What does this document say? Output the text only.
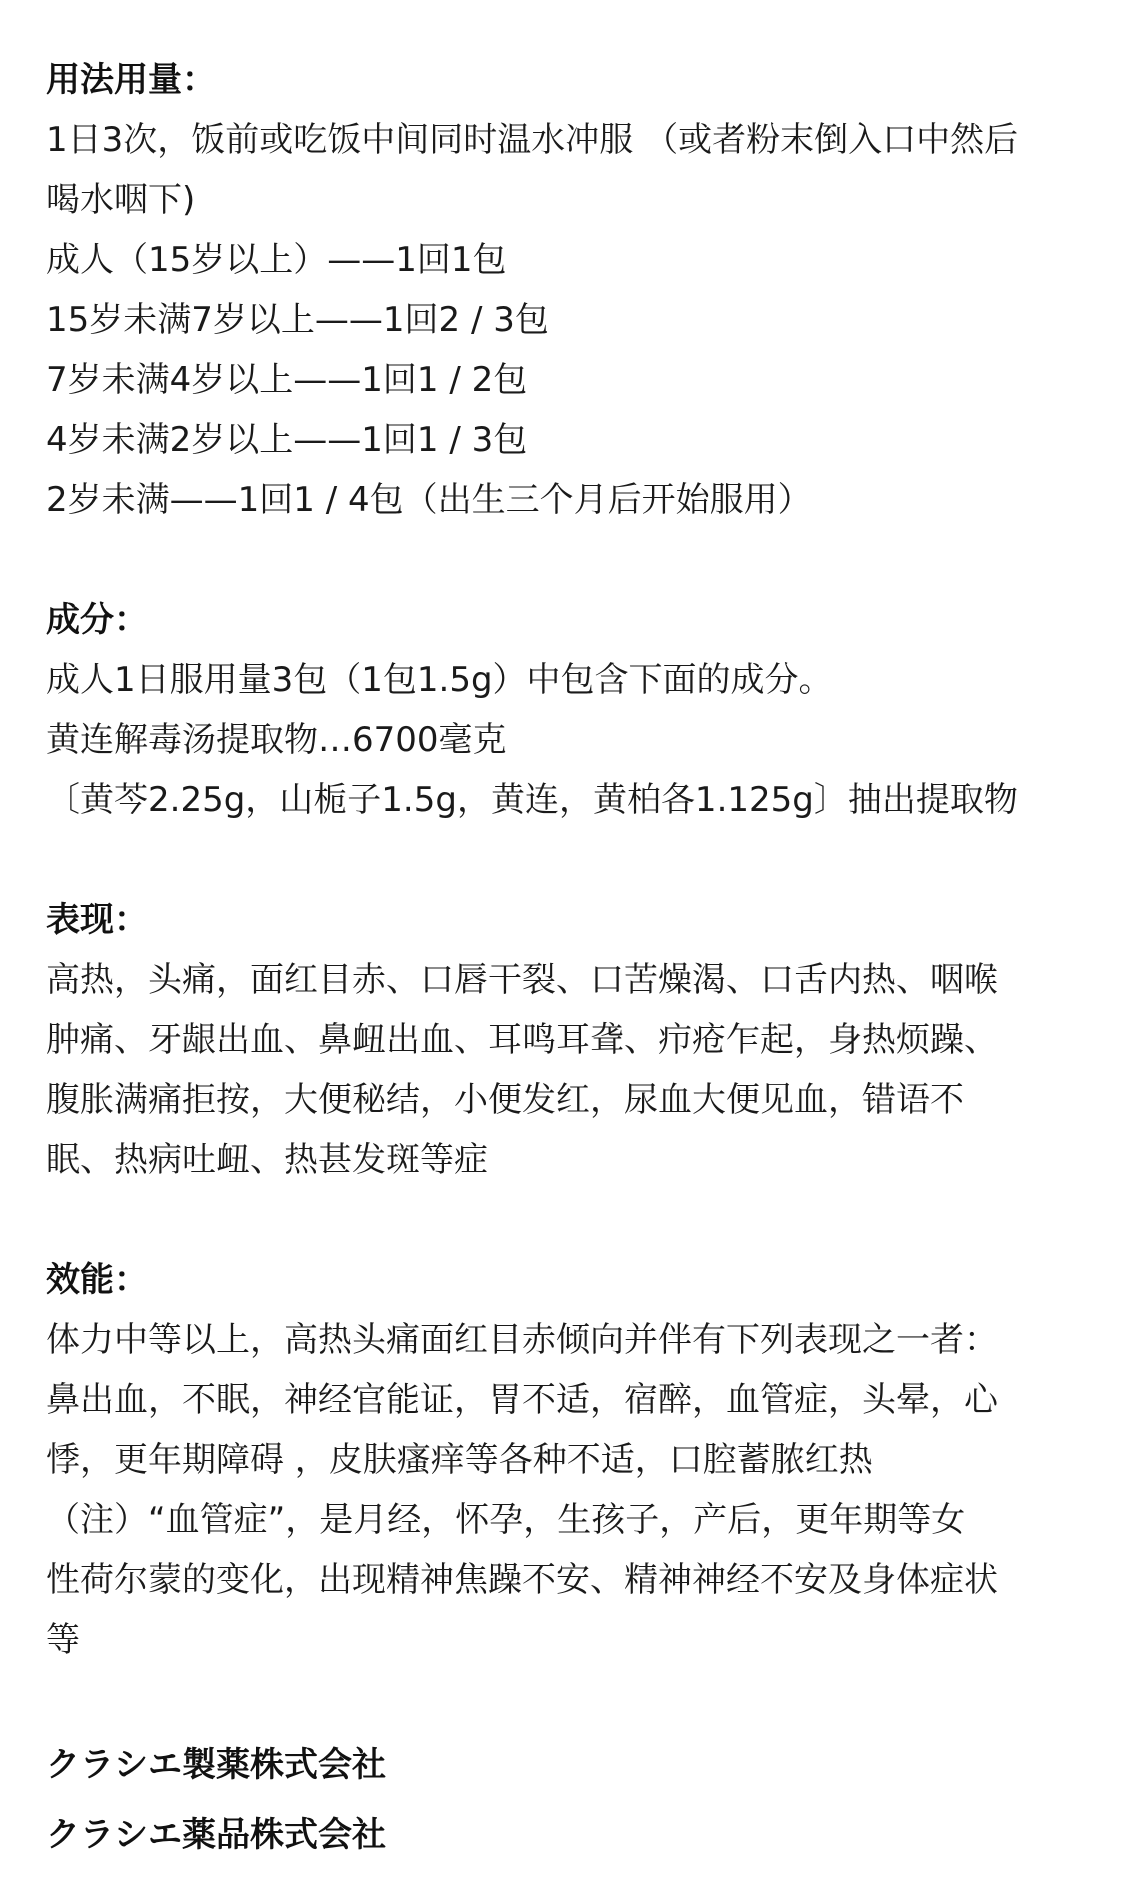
用法用量：

1日3次，饭前或吃饭中间同时温水冲服 （或者粉末倒入口中然后

喝水咽下)

成人（15岁以上）——1回1包

15岁未满7岁以上——1回2 / 3包

7岁未满4岁以上——1回1 / 2包

4岁未满2岁以上——1回1 / 3包

2岁未满——1回1 / 4包（出生三个月后开始服用）

成分：

成人1日服用量3包（1包1.5g）中包含下面的成分。

黄连解毒汤提取物…6700毫克

〔黄芩2.25g，山栀子1.5g，黄连，黄柏各1.125g〕抽出提取物

表现：

高热，头痛，面红目赤、口唇干裂、口苦燥渴、口舌内热、咽喉

肿痛、牙龈出血、鼻衄出血、耳鸣耳聋、疖疮乍起，身热烦躁、

腹胀满痛拒按，大便秘结，小便发红，尿血大便见血，错语不

眠、热病吐衄、热甚发斑等症

效能：

体力中等以上，高热头痛面红目赤倾向并伴有下列表现之一者：

鼻出血，不眠，神经官能证，胃不适，宿醉，血管症，头晕，心

悸，更年期障碍 ，皮肤瘙痒等各种不适，口腔蓄脓红热

（注）“血管症”，是月经，怀孕，生孩子，产后，更年期等女

性荷尔蒙的变化，出现精神焦躁不安、精神神经不安及身体症状

等

クラシエ製薬株式会社

クラシエ薬品株式会社
